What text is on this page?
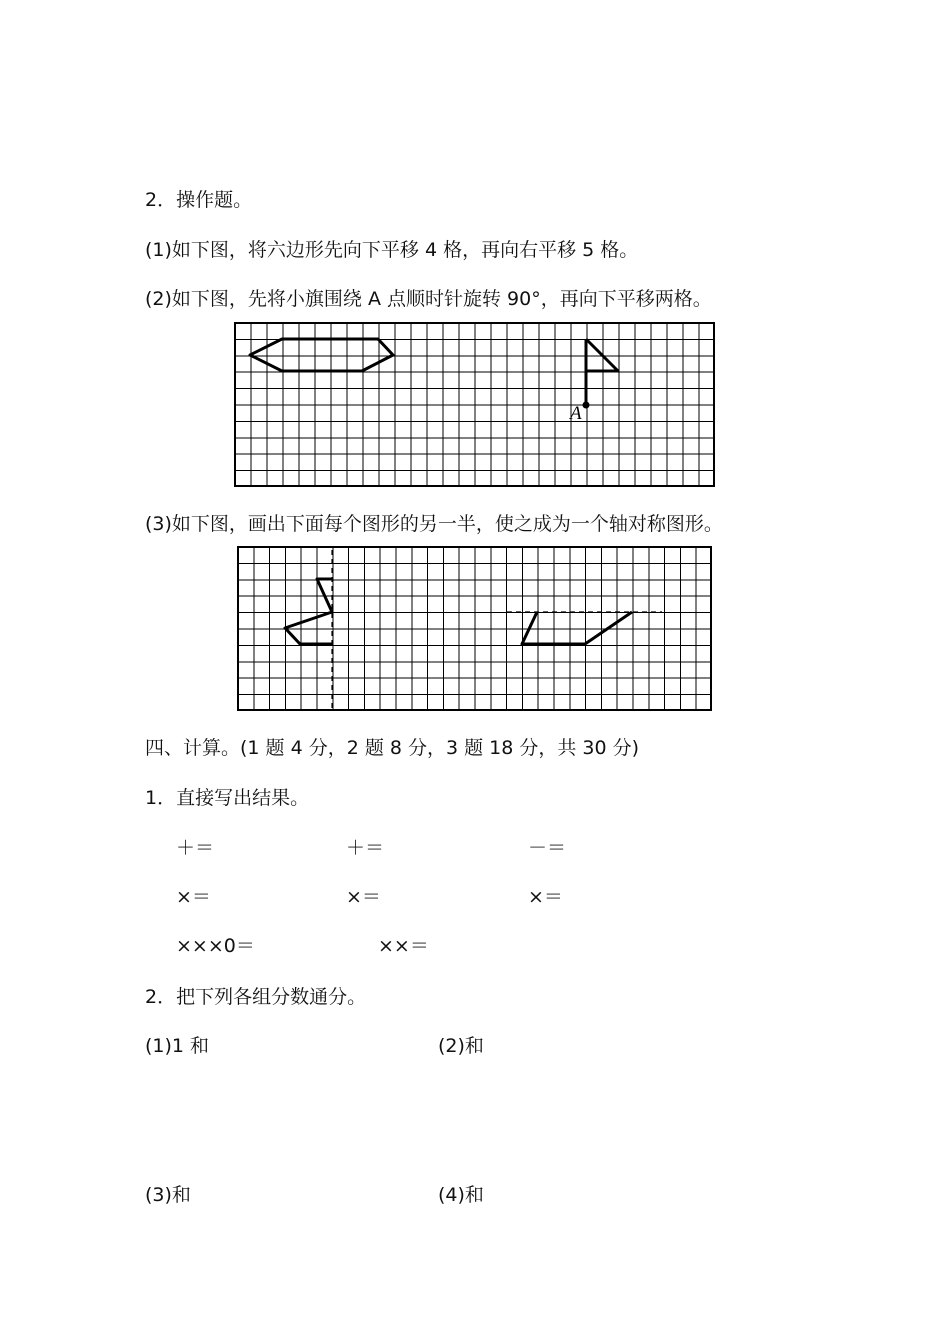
2．操作题。
(1)如下图，将六边形先向下平移 4 格，再向右平移 5 格。
(2)如下图，先将小旗围绕 A 点顺时针旋转 90°，再向下平移两格。
A
(3)如下图，画出下面每个图形的另一半，使之成为一个轴对称图形。
四、计算。(1 题 4 分，2 题 8 分，3 题 18 分，共 30 分)
1．直接写出结果。
＋＝	＋＝	－＝
×＝	×＝	×＝
×××0＝	××＝
2．把下列各组分数通分。
(1)1 和	(2)和
(3)和	(4)和
